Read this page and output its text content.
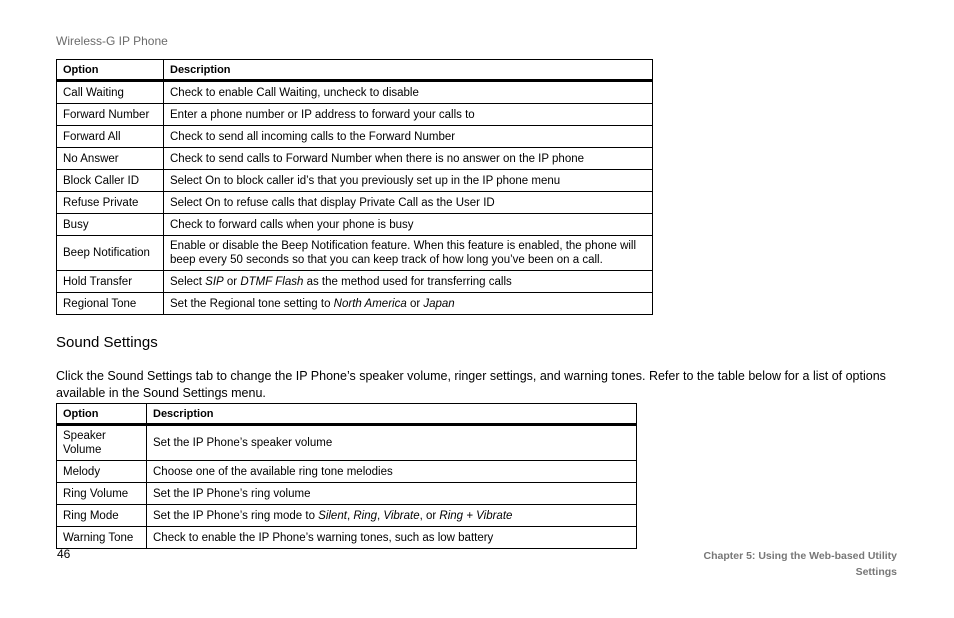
Wireless-G IP Phone
Option	Description
Call Waiting	Check to enable Call Waiting, uncheck to disable
Forward Number	Enter a phone number or IP address to forward your calls to
Forward All	Check to send all incoming calls to the Forward Number
No Answer	Check to send calls to Forward Number when there is no answer on the IP phone
Block Caller ID	Select On to block caller id’s that you previously set up in the IP phone menu
Refuse Private	Select On to refuse calls that display Private Call as the User ID
Busy	Check to forward calls when your phone is busy
Beep Notification	Enable or disable the Beep Notification feature. When this feature is enabled, the phone will beep every 50 seconds so that you can keep track of how long you’ve been on a call.
Hold Transfer	Select SIP or DTMF Flash as the method used for transferring calls
Regional Tone	Set the Regional tone setting to North America or Japan
Sound Settings
Click the Sound Settings tab to change the IP Phone’s speaker volume, ringer settings, and warning tones. Refer to the table below for a list of options available in the Sound Settings menu.
Option	Description
Speaker Volume	Set the IP Phone’s speaker volume
Melody	Choose one of the available ring tone melodies
Ring Volume	Set the IP Phone’s ring volume
Ring Mode	Set the IP Phone’s ring mode to Silent, Ring, Vibrate, or Ring + Vibrate
Warning Tone	Check to enable the IP Phone’s warning tones, such as low battery
46	Chapter 5: Using the Web-based Utility
Settings
